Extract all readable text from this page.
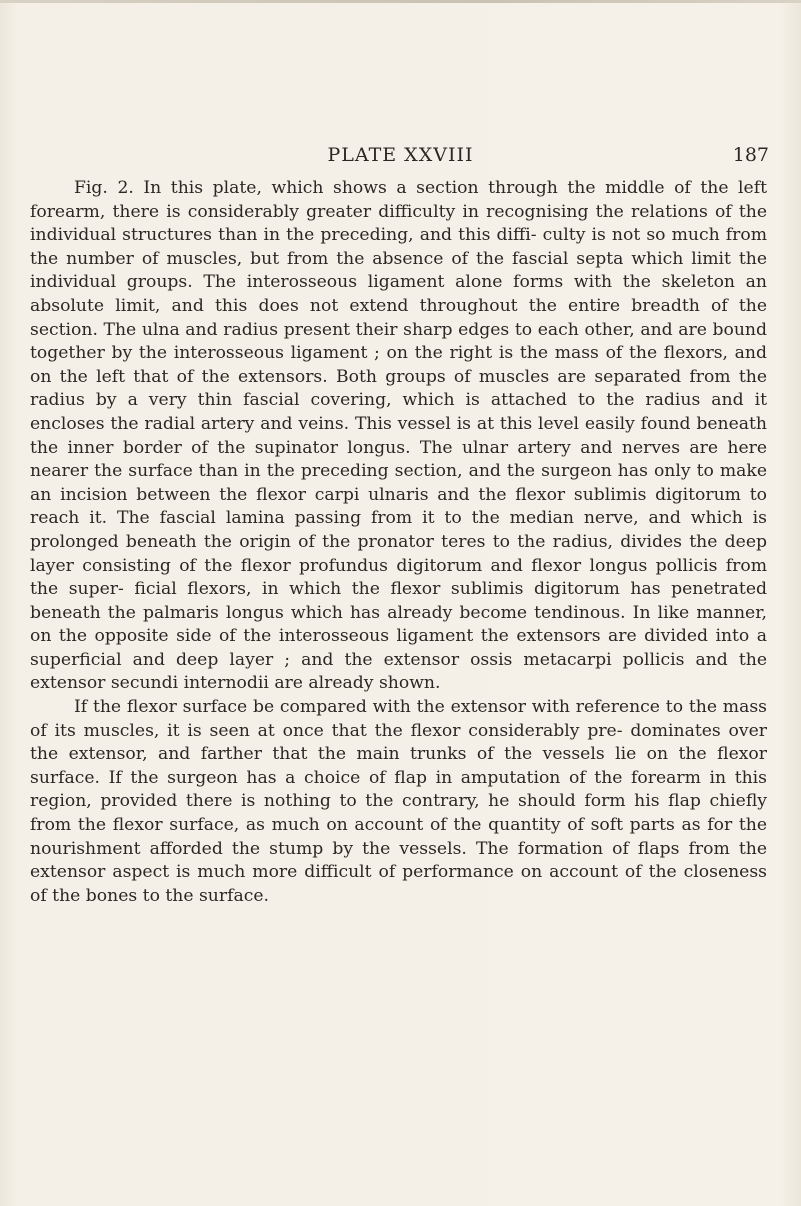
PLATE XXVIII	187

Fig. 2. In this plate, which shows a section through the middle of the left forearm, there is considerably greater difficulty in recognising the relations of the individual structures than in the preceding, and this diffi- culty is not so much from the number of muscles, but from the absence of the fascial septa which limit the individual groups. The interosseous ligament alone forms with the skeleton an absolute limit, and this does not extend throughout the entire breadth of the section. The ulna and radius present their sharp edges to each other, and are bound together by the interosseous ligament ; on the right is the mass of the flexors, and on the left that of the extensors. Both groups of muscles are separated from the radius by a very thin fascial covering, which is attached to the radius and it encloses the radial artery and veins. This vessel is at this level easily found beneath the inner border of the supinator longus. The ulnar artery and nerves are here nearer the surface than in the preceding section, and the surgeon has only to make an incision between the flexor carpi ulnaris and the flexor sublimis digitorum to reach it. The fascial lamina passing from it to the median nerve, and which is prolonged beneath the origin of the pronator teres to the radius, divides the deep layer consisting of the flexor profundus digitorum and flexor longus pollicis from the super- ficial flexors, in which the flexor sublimis digitorum has penetrated beneath the palmaris longus which has already become tendinous. In like manner, on the opposite side of the interosseous ligament the extensors are divided into a superficial and deep layer ; and the extensor ossis metacarpi pollicis and the extensor secundi internodii are already shown.

If the flexor surface be compared with the extensor with reference to the mass of its muscles, it is seen at once that the flexor considerably pre- dominates over the extensor, and farther that the main trunks of the vessels lie on the flexor surface. If the surgeon has a choice of flap in amputation of the forearm in this region, provided there is nothing to the contrary, he should form his flap chiefly from the flexor surface, as much on account of the quantity of soft parts as for the nourishment afforded the stump by the vessels. The formation of flaps from the extensor aspect is much more difficult of performance on account of the closeness of the bones to the surface.
